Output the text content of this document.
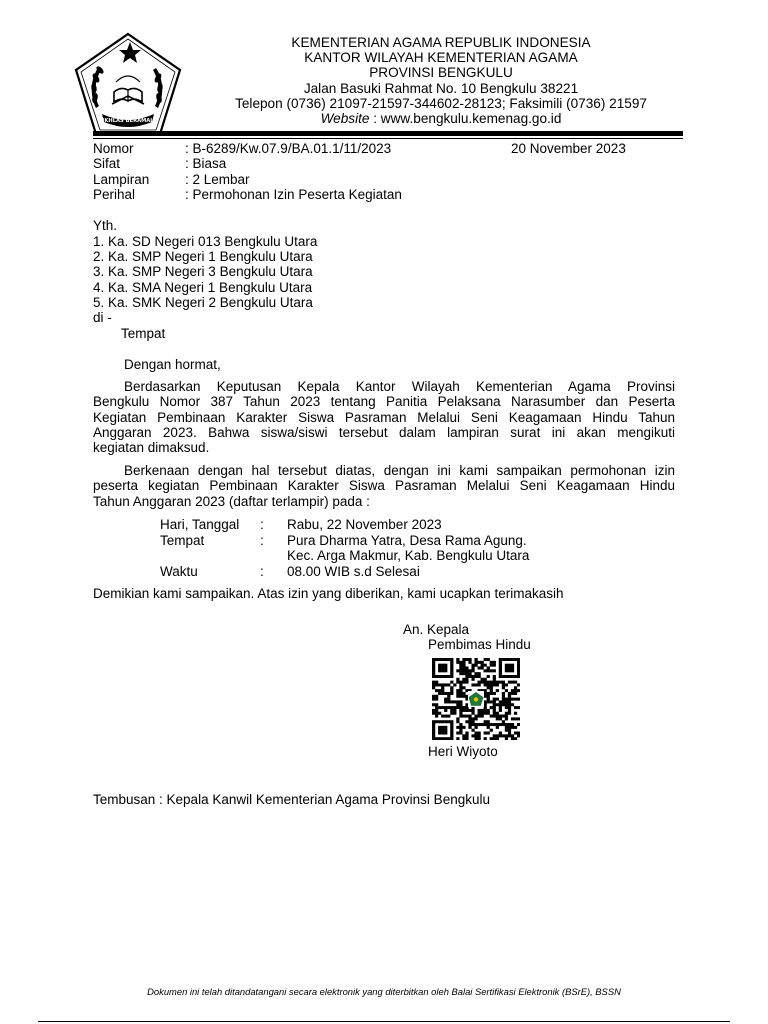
IKHLAS BERAMAL
KEMENTERIAN AGAMA REPUBLIK INDONESIA
KANTOR WILAYAH KEMENTERIAN AGAMA
PROVINSI BENGKULU
Jalan Basuki Rahmat No. 10 Bengkulu 38221
Telepon (0736) 21097-21597-344602-28123; Faksimili (0736) 21597
Website : www.bengkulu.kemenag.go.id
Nomor	: B-6289/Kw.07.9/BA.01.1/11/2023	20 November 2023
Sifat	: Biasa
Lampiran	: 2 Lembar
Perihal	: Permohonan Izin Peserta Kegiatan
Yth.
1. Ka. SD Negeri 013 Bengkulu Utara
2. Ka. SMP Negeri 1 Bengkulu Utara
3. Ka. SMP Negeri 3 Bengkulu Utara
4. Ka. SMA Negeri 1 Bengkulu Utara
5. Ka. SMK Negeri 2 Bengkulu Utara
di -
Tempat
Dengan hormat,
Berdasarkan Keputusan Kepala Kantor Wilayah Kementerian Agama Provinsi
Bengkulu Nomor 387 Tahun 2023 tentang Panitia Pelaksana Narasumber dan Peserta
Kegiatan Pembinaan Karakter Siswa Pasraman Melalui Seni Keagamaan Hindu Tahun
Anggaran 2023. Bahwa siswa/siswi tersebut dalam lampiran surat ini akan mengikuti
kegiatan dimaksud.
Berkenaan dengan hal tersebut diatas, dengan ini kami sampaikan permohonan izin
peserta kegiatan Pembinaan Karakter Siswa Pasraman Melalui Seni Keagamaan Hindu
Tahun Anggaran 2023 (daftar terlampir) pada :
Hari, Tanggal : Rabu, 22 November 2023
Tempat	: Pura Dharma Yatra, Desa Rama Agung.
Kec. Arga Makmur, Kab. Bengkulu Utara
Waktu	: 08.00 WIB s.d Selesai
Demikian kami sampaikan. Atas izin yang diberikan, kami ucapkan terimakasih
An. Kepala
Pembimas Hindu
Heri Wiyoto
Tembusan : Kepala Kanwil Kementerian Agama Provinsi Bengkulu
Dokumen ini telah ditandatangani secara elektronik yang diterbitkan oleh Balai Sertifikasi Elektronik (BSrE), BSSN
